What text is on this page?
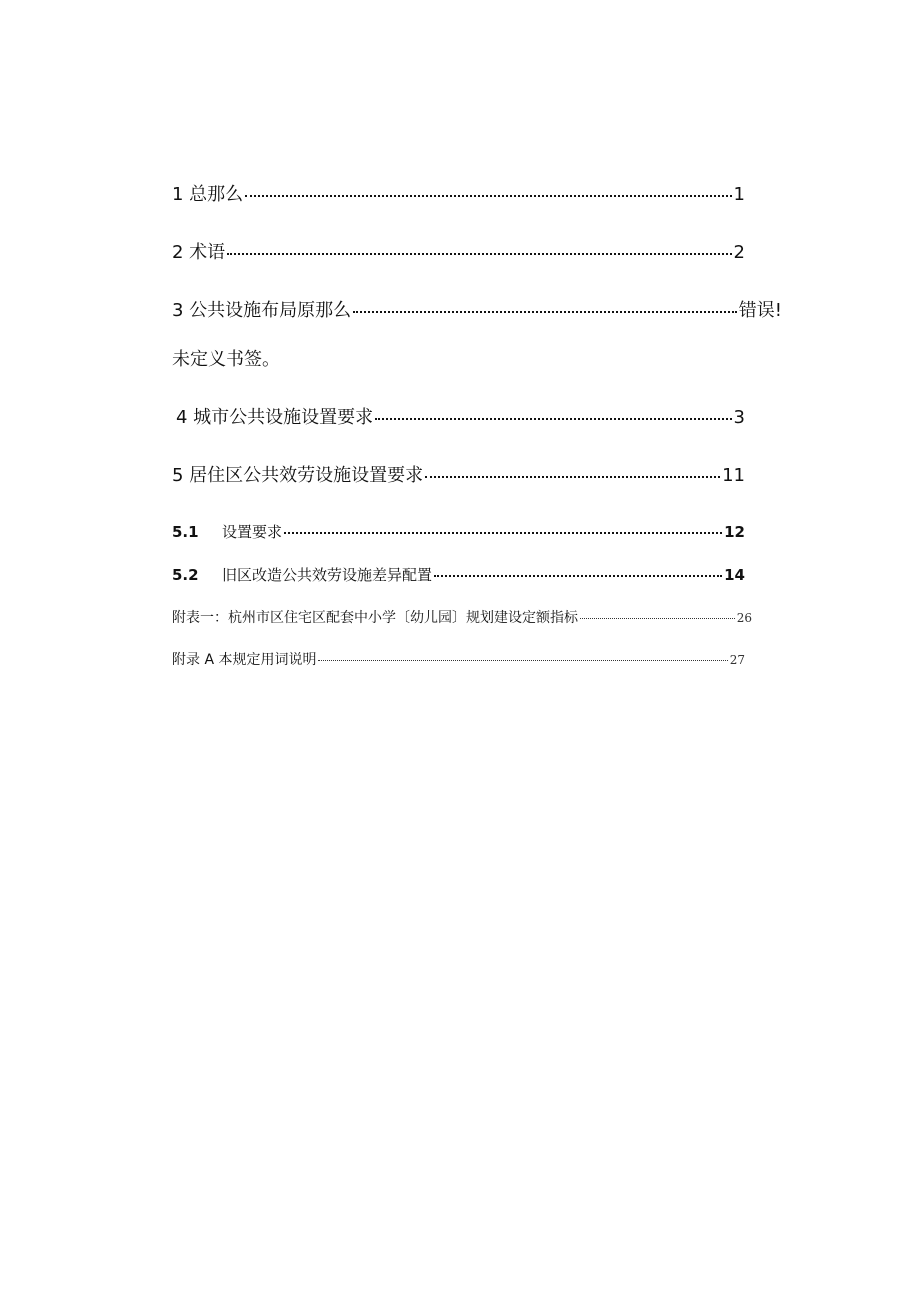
1 总那么	1
2 术语	2
3 公共设施布局原那么	错误!
未定义书签。
4 城市公共设施设置要求	3
5 居住区公共效劳设施设置要求	11
5.1	设置要求	12
5.2	旧区改造公共效劳设施差异配置	14
附表一：杭州市区住宅区配套中小学〔幼儿园〕规划建设定额指标	26
附录 A 本规定用词说明	27
